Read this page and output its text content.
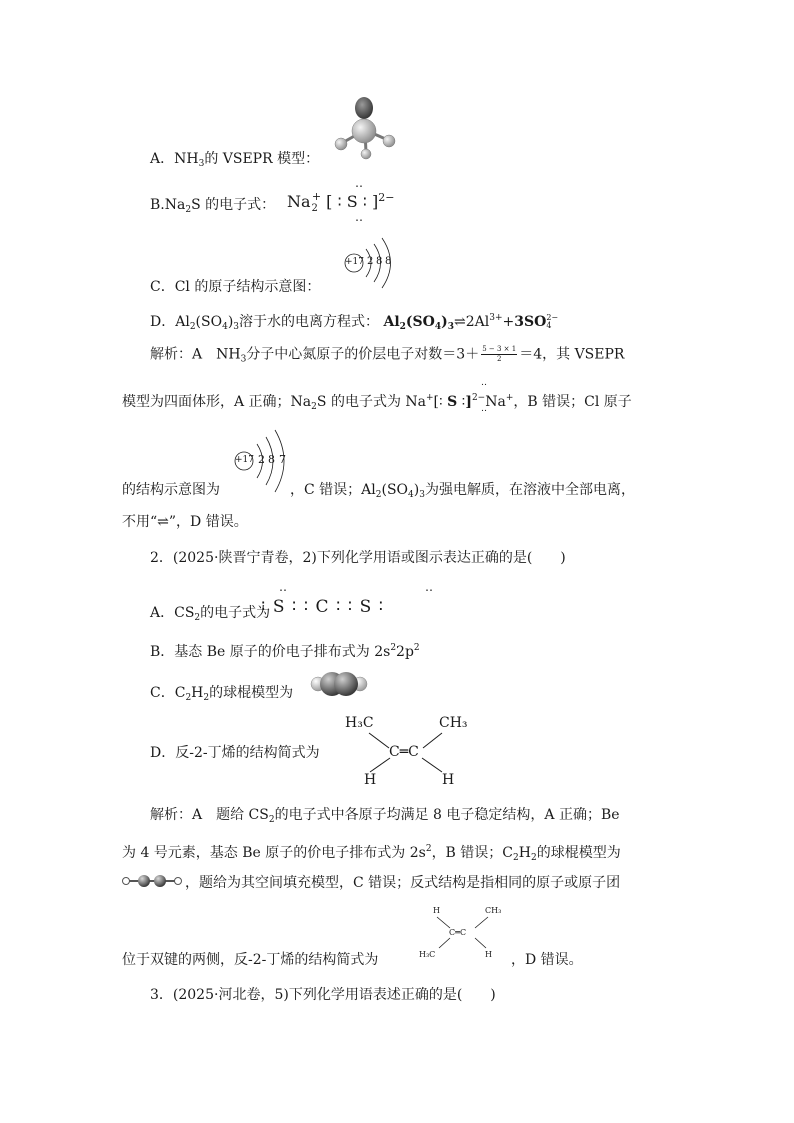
A．$NH_3$的 VSEPR 模型：
$B.Na_2S$ 的电子式：
‥
‥
$Na_2^+$ [ ∶ S ∶ ]$^{2-}$
C．Cl 的原子结构示意图：
+17 2 8 8
D．$Al_2(SO_4)_3$溶于水的电离方程式： $Al_2(SO_4)_3\rightleftharpoons 2Al^{3+}+3SO$ 2−
4
解析：A　$NH_3$分子中心氮原子的价层电子对数$=3+ \frac{5 - 3 \times 1}{2} =4$，其 VSEPR
‥
‥
模型为四面体形，A 正确；$Na_2S$ 的电子式为 Na+[∶ S ∶]$^{2-}$Na+，B 错误；Cl 原子
+17 2 8 7
的结构示意图为	，C 错误；$Al_2(SO_4)_3$为强电解质，在溶液中全部电离，
不用“⇌”，D 错误。
2．(2025·陕晋宁青卷，2)下列化学用语或图示表达正确的是(　　)
‥	‥
A．$CS_2$的电子式为
∶ S ∶ ∶ C ∶ ∶ S ∶
B．基态 Be 原子的价电子排布式为 $2s^22p^2$
C．$C_2H_2$的球棍模型为
D．反-2-丁烯的结构简式为
H₃C	CH₃
C═C
H	H
解析：A　题给 $CS_2$的电子式中各原子均满足 8 电子稳定结构，A 正确；Be
为 4 号元素，基态 Be 原子的价电子排布式为 $2s^2$，B 错误；$C_2H_2$的球棍模型为
，题给为其空间填充模型，C 错误；反式结构是指相同的原子或原子团
H	CH₃
C═C
H₃C	H
位于双键的两侧，反-2-丁烯的结构简式为	，D 错误。
3．(2025·河北卷，5)下列化学用语表述正确的是(　　)
